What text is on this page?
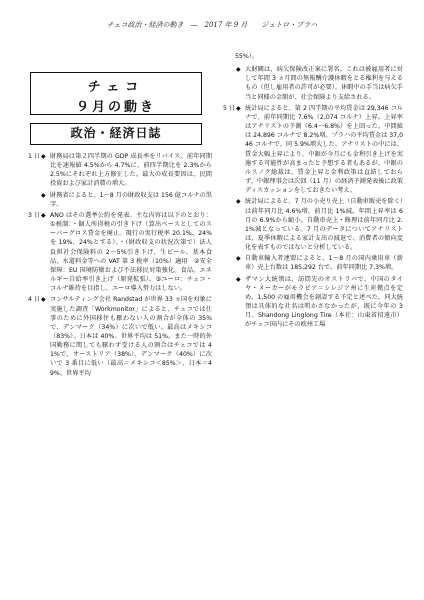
チェコ政治・経済の動き　―　2017 年 9 月　　ジェトロ・プラハ
チェコ
９月の動き
政治・経済日誌
1 日 ◆ 財務局は第２四半期の GDP 成長率をリバイス、前年同期比を速報値 4.5%から 4.7%に、前四半期比を 2.3%から 2.5%にそれぞれ上方修正した。最大の成長要因は、民間投資および家計消費の増大。
◆ 財務省によると、1～8 月の財政収支は 156 億コルナの黒字。
3 日 ◆ ANO はその選挙公約を発表。主な内容は以下のとおり：①税制：・個人所得税の引き下げ（算出ベースとしてのスーパーグロス賃金を廃止。現行の実行税率 20.1%、24%を 19%、24%とする）、・（財政収支の状況次第で）法人負担社会保険料の 2～5%引き下げ、生ビール、基本食品、水道料金等への VAT 第 3 税率（10%）適用　②安全保障：EU 国境防衛および不法移民対策強化。食品、エネルギー自給率引き上げ（原発拡張）。③ユーロ：チェコ・コルナ維持を目指し、ユーロ導入努力はしない。
4 日 ◆ コンサルティング会社 Randstad が世界 33 ヵ国を対象に実施した調査「Workmonitor」によると、チェコでは仕事のために外国移住も厭わない人の割合が全体の 35%で、デンマーク（34%）に次いで低い。最高はメキシコ（83%）。日本は 40%。世界平均は 51%。また一時的外国勤務に関しても厭わず受ける人の割合はチェコでは 41%で、オーストリア（38%）、デンマーク（40%）に次いで 3 番目に低い（最高＝メキシコ＜85%＞、日本＝49%、世界平均
55%）。
◆ 大財閥は、病欠保険改正案に署名。これは被雇用者に対して年間 3 ヵ月間の無報酬介護休暇をとる権利を与えるもの（但し雇用者の許可が必要）。休暇中の手当は病欠手当と同様の金額が、社会保険より支給される。
5 日 ◆ 統計局によると、第 2 四半期の平均賃金は 29,346 コルナで、前年同期比 7.6%（2,074 コルナ）上昇。上昇率はアナリストの予測（6.4～6.8%）を上回った。中間値は 24,896 コルナで 8.2%増。プラハの平均賃金は 37,046 コルナで、同 5.9%増大した。アナリストの中には、賃金大幅上昇により、中銀が今月にも金利引き上げを実施する可能性が高まったと予想する者もあるが、中銀のルスノク総裁は、賃金上昇と金利政策は直結しておらず、中銀理事会は次回（11 月）の経済予測発表後に政策ディスカッションをしておきたい考え。
◆ 統計局によると、7 月の小売り売上（自動車販売を除く）は前年同月比 4.6%増、前月比 1%減。年間上昇率は 6 月の 6.9%から縮小。自動車売上・修理は前年同月比 2.1%減となっている。7 月のデータについてアナリストは、夏季休暇による家計支出の減退で、消費者の傾向変化を表すものではないと分析している。
◆ 自動車輸入者連盟によると、1～8 月の国内乗用車（新車）売上台数は 185,292 台で、前年同期比 7.3%増。
◆ ザマン大統領は、訪問先のオストラバで、中国のタイヤ・メーカーがモラビア＝シレジア州に生産拠点を定め、1,500 の雇用機会を創設する予定と述べた。同大統領は具体的な社名は明かさなかったが、既に今年の 3 月、Shandong Linglong Tire（本社：山東省招遠市）がチェコ国内にその欧州工場
